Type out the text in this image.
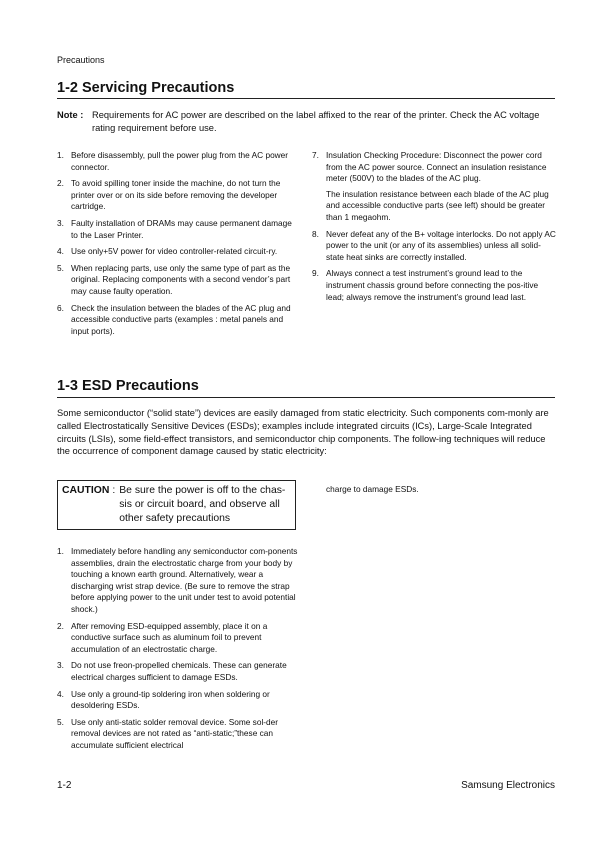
Precautions
1-2 Servicing Precautions
Note : Requirements for AC power are described on the label affixed to the rear of the printer. Check the AC voltage rating requirement before use.
1. Before disassembly, pull the power plug from the AC power connector.
2. To avoid spilling toner inside the machine, do not turn the printer over or on its side before removing the developer cartridge.
3. Faulty installation of DRAMs may cause permanent damage to the Laser Printer.
4. Use only+5V power for video controller-related circuit-ry.
5. When replacing parts, use only the same type of part as the original. Replacing components with a second vendor’s part may cause faulty operation.
6. Check the insulation between the blades of the AC plug and accessible conductive parts (examples : metal panels and input ports).
7. Insulation Checking Procedure: Disconnect the power cord from the AC power source. Connect an insulation resistance meter (500V) to the blades of the AC plug.
The insulation resistance between each blade of the AC plug and accessible conductive parts (see left) should be greater than 1 megaohm.
8. Never defeat any of the B+ voltage interlocks. Do not apply AC power to the unit (or any of its assemblies) unless all solid-state heat sinks are correctly installed.
9. Always connect a test instrument’s ground lead to the instrument chassis ground before connecting the pos-itive lead; always remove the instrument’s ground lead last.
1-3 ESD Precautions

Some semiconductor (“solid state”) devices are easily damaged from static electricity. Such components com-monly are called Electrostatically Sensitive Devices (ESDs); examples include integrated circuits (ICs), Large-Scale Integrated circuits (LSIs), some field-effect transistors, and semiconductor chip components. The follow-ing techniques will reduce the occurrence of component damage caused by static electricity:

CAUTION : Be sure the power is off to the chas-sis or circuit board, and observe all other safety precautions

charge to damage ESDs.

1. Immediately before handling any semiconductor com-ponents assemblies, drain the electrostatic charge from your body by touching a known earth ground. Alternatively, wear a discharging wrist strap device. (Be sure to remove the strap before applying power to the unit under test to avoid potential shock.)
2. After removing ESD-equipped assembly, place it on a conductive surface such as aluminum foil to prevent accumulation of an electrostatic charge.
3. Do not use freon-propelled chemicals. These can generate electrical charges sufficient to damage ESDs.
4. Use only a ground-tip soldering iron when soldering or desoldering ESDs.
5. Use only anti-static solder removal device. Some sol-der removal devices are not rated as “anti-static;”these can accumulate sufficient electrical
1-2	Samsung Electronics
